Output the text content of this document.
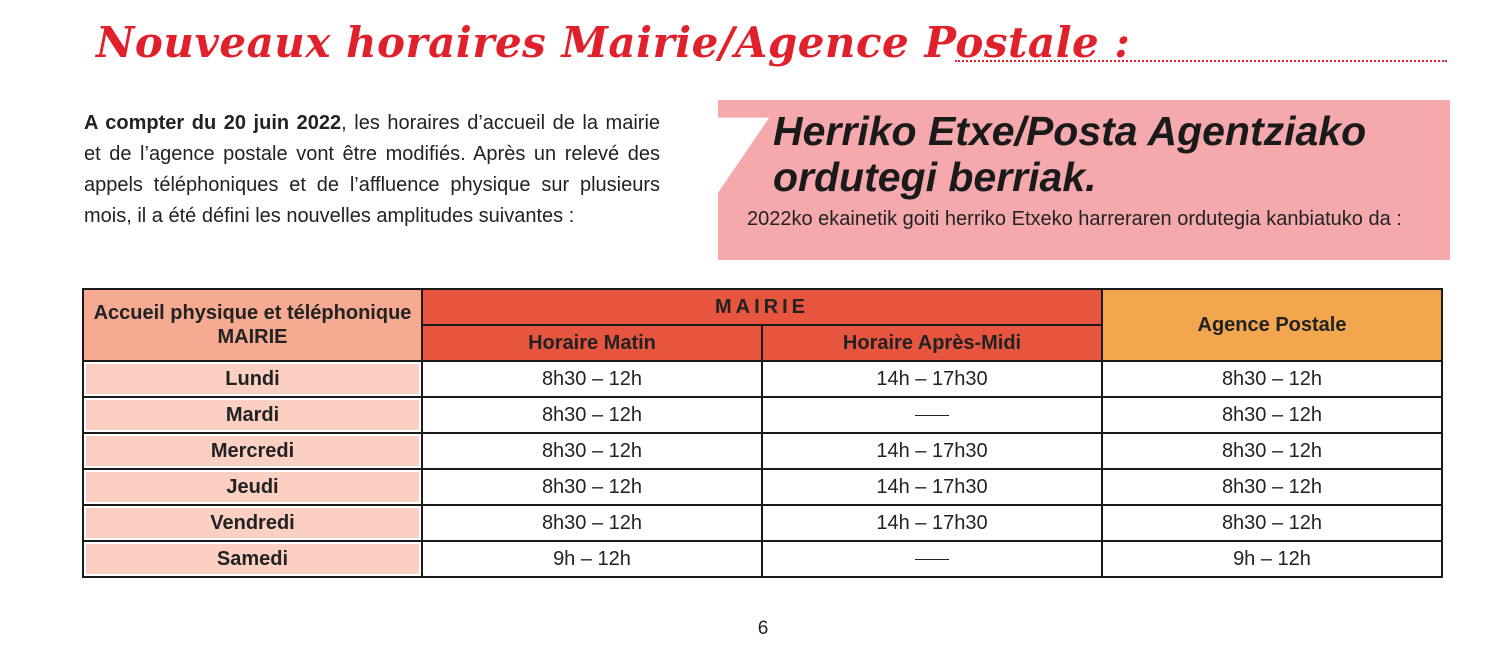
Nouveaux horaires Mairie/Agence Postale :

A compter du 20 juin 2022, les horaires d’accueil de la mairie et de l’agence postale vont être modifiés. Après un relevé des appels téléphoniques et de l’affluence physique sur plusieurs mois, il a été défini les nouvelles amplitudes suivantes :

Herriko Etxe/Posta Agentziako
ordutegi berriak.
2022ko ekainetik goiti herriko Etxeko harreraren ordutegia kanbiatuko da :
Accueil physique et téléphonique MAIRIE	MAIRIE		Agence Postale
	Horaire Matin	Horaire Après-Midi	

Lundi	8h30 – 12h	14h – 17h30	8h30 – 12h

Mardi	8h30 – 12h		8h30 – 12h

Mercredi	8h30 – 12h	14h – 17h30	8h30 – 12h

Jeudi	8h30 – 12h	14h – 17h30	8h30 – 12h

Vendredi	8h30 – 12h	14h – 17h30	8h30 – 12h

Samedi	9h – 12h		9h – 12h
6
